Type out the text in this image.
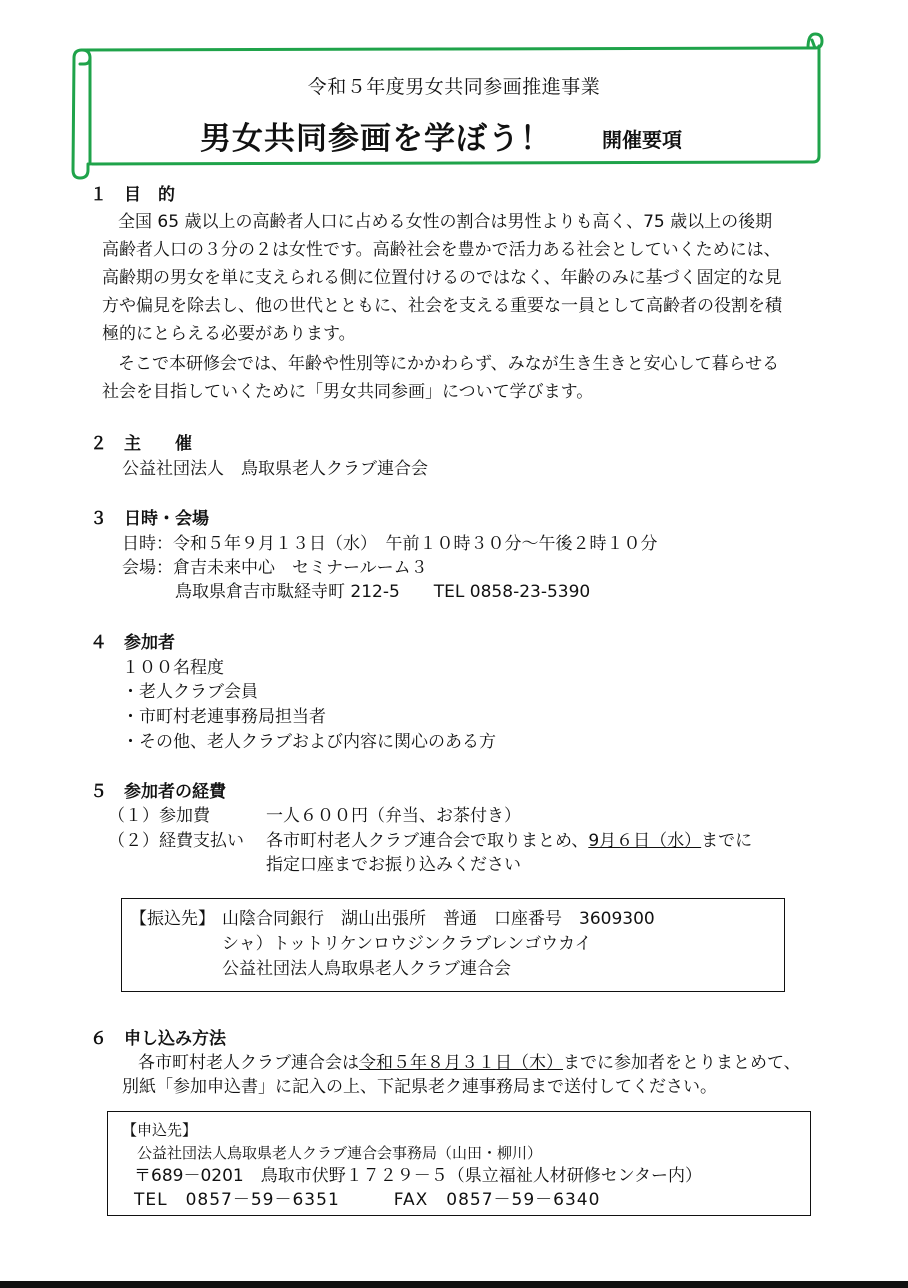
令和５年度男女共同参画推進事業
男女共同参画を学ぼう！	開催要項
１　目　的
全国 65 歳以上の高齢者人口に占める女性の割合は男性よりも高く、75 歳以上の後期
高齢者人口の３分の２は女性です。高齢社会を豊かで活力ある社会としていくためには、
高齢期の男女を単に支えられる側に位置付けるのではなく、年齢のみに基づく固定的な見
方や偏見を除去し、他の世代とともに、社会を支える重要な一員として高齢者の役割を積
極的にとらえる必要があります。
そこで本研修会では、年齢や性別等にかかわらず、みなが生き生きと安心して暮らせる
社会を目指していくために「男女共同参画」について学びます。
２　主　　催
公益社団法人　鳥取県老人クラブ連合会
３　日時・会場
日時：令和５年９月１３日（水）　午前１０時３０分～午後２時１０分
会場：倉吉未来中心　セミナールーム３
鳥取県倉吉市駄経寺町 212-5　　TEL 0858-23-5390
４　参加者
１００名程度
・老人クラブ会員
・市町村老連事務局担当者
・その他、老人クラブおよび内容に関心のある方
５　参加者の経費
（１）参加費	一人６００円（弁当、お茶付き）
（２）経費支払い 各市町村老人クラブ連合会で取りまとめ、9月６日（水）までに
指定口座までお振り込みください
【振込先】 山陰合同銀行　湖山出張所　普通　口座番号　3609300
シャ）トットリケンロウジンクラブレンゴウカイ
公益社団法人鳥取県老人クラブ連合会
６　申し込み方法
各市町村老人クラブ連合会は令和５年８月３１日（木）までに参加者をとりまとめて、
別紙「参加申込書」に記入の上、下記県老ク連事務局まで送付してください。
【申込先】
公益社団法人鳥取県老人クラブ連合会事務局（山田・柳川）
〒689－0201　鳥取市伏野１７２９－５（県立福祉人材研修センター内）
TEL　0857－59－6351　　　FAX　0857－59－6340
